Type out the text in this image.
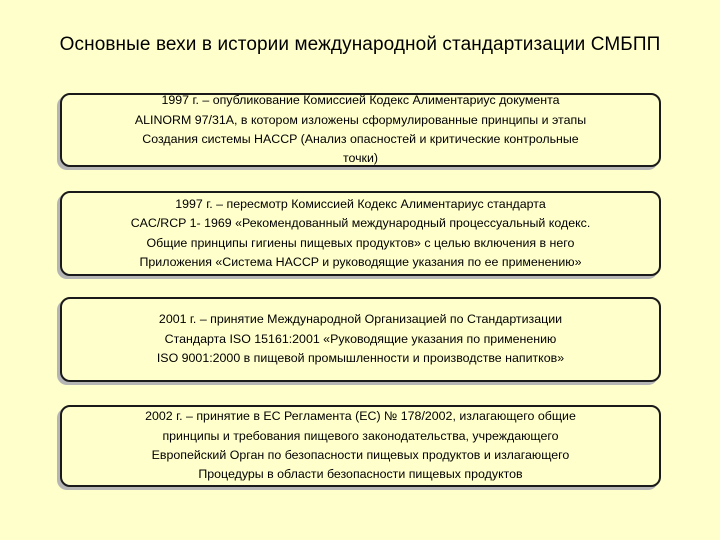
Основные вехи в истории международной стандартизации СМБПП
1997 г. – опубликование Комиссией Кодекс Алиментариус документа
ALINORM 97/31A, в котором изложены сформулированные принципы и этапы
Создания системы HACCP (Анализ опасностей и критические контрольные
точки)
1997 г. – пересмотр Комиссией Кодекс Алиментариус стандарта
CAC/RCP 1- 1969 «Рекомендованный международный процессуальный кодекс.
Общие принципы гигиены пищевых продуктов» с целью включения в него
Приложения «Система HACCP и руководящие указания по ее применению»
2001 г. – принятие Международной Организацией по Стандартизации
Стандарта ISO 15161:2001 «Руководящие указания по применению
ISO 9001:2000 в пищевой промышленности и производстве напитков»
2002 г. – принятие в ЕС Регламента (ЕС) № 178/2002, излагающего общие
принципы и требования пищевого законодательства, учреждающего
Европейский Орган по безопасности пищевых продуктов и излагающего
Процедуры в области безопасности пищевых продуктов
